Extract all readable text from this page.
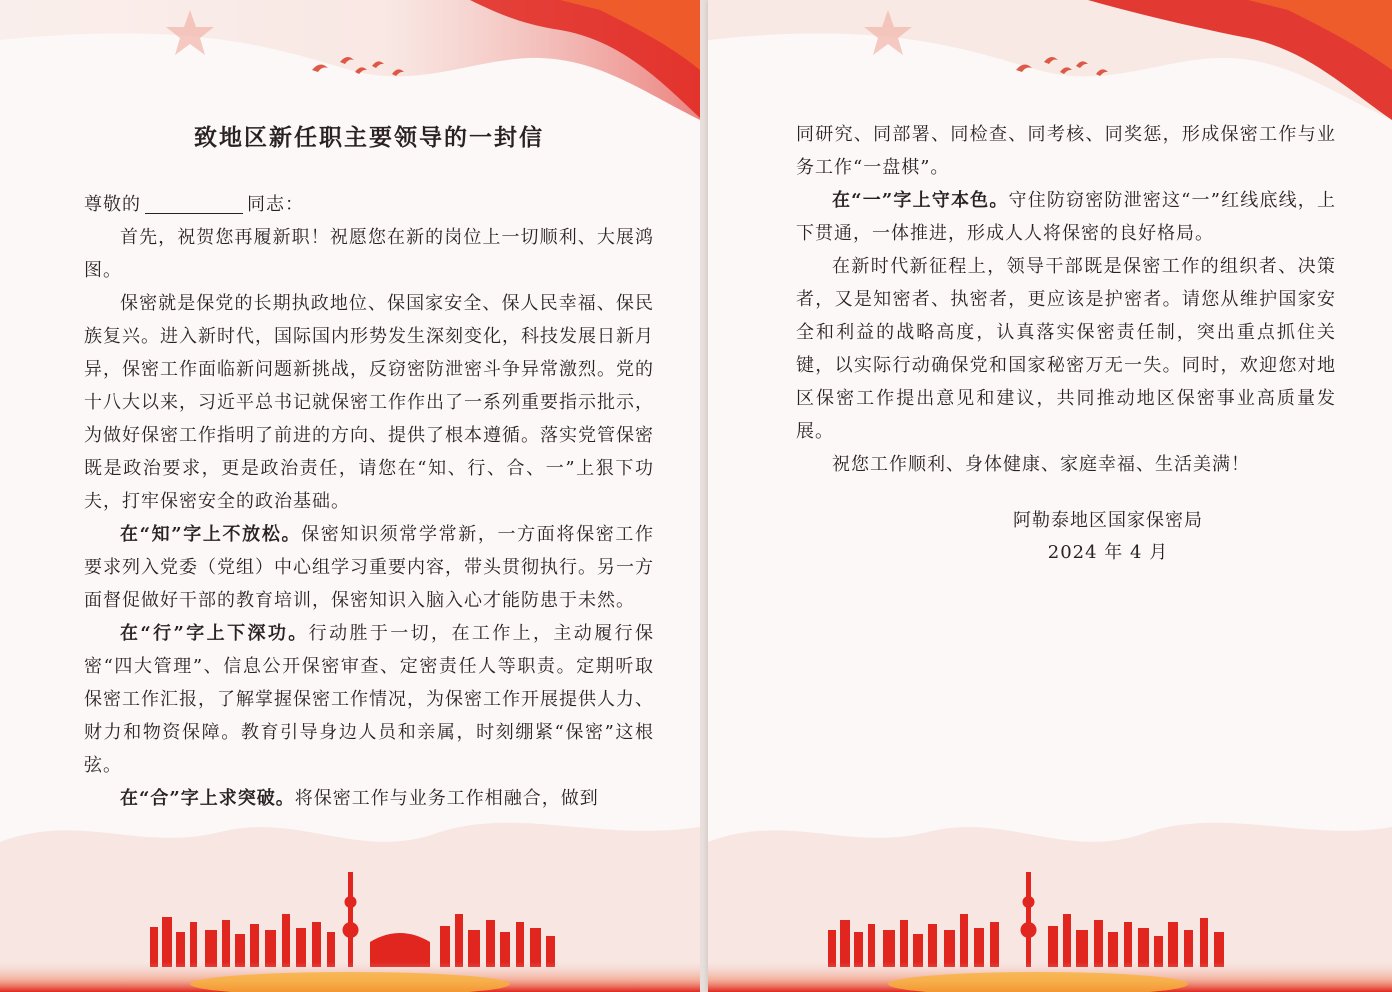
致地区新任职主要领导的一封信

尊敬的	同志：

首先，祝贺您再履新职！祝愿您在新的岗位上一切顺利、大展鸿图。

保密就是保党的长期执政地位、保国家安全、保人民幸福、保民族复兴。进入新时代，国际国内形势发生深刻变化，科技发展日新月异，保密工作面临新问题新挑战，反窃密防泄密斗争异常激烈。党的十八大以来，习近平总书记就保密工作作出了一系列重要指示批示，为做好保密工作指明了前进的方向、提供了根本遵循。落实党管保密既是政治要求，更是政治责任，请您在“知、行、合、一”上狠下功夫，打牢保密安全的政治基础。

在“知”字上不放松。保密知识须常学常新，一方面将保密工作要求列入党委（党组）中心组学习重要内容，带头贯彻执行。另一方面督促做好干部的教育培训，保密知识入脑入心才能防患于未然。

在“行”字上下深功。行动胜于一切，在工作上，主动履行保密“四大管理”、信息公开保密审查、定密责任人等职责。定期听取保密工作汇报，了解掌握保密工作情况，为保密工作开展提供人力、财力和物资保障。教育引导身边人员和亲属，时刻绷紧“保密”这根弦。

在“合”字上求突破。将保密工作与业务工作相融合，做到

同研究、同部署、同检查、同考核、同奖惩，形成保密工作与业务工作“一盘棋”。

在“一”字上守本色。守住防窃密防泄密这“一”红线底线，上下贯通，一体推进，形成人人将保密的良好格局。

在新时代新征程上，领导干部既是保密工作的组织者、决策者，又是知密者、执密者，更应该是护密者。请您从维护国家安全和利益的战略高度，认真落实保密责任制，突出重点抓住关键，以实际行动确保党和国家秘密万无一失。同时，欢迎您对地区保密工作提出意见和建议，共同推动地区保密事业高质量发展。

祝您工作顺利、身体健康、家庭幸福、生活美满！

阿勒泰地区国家保密局
2024 年 4 月
